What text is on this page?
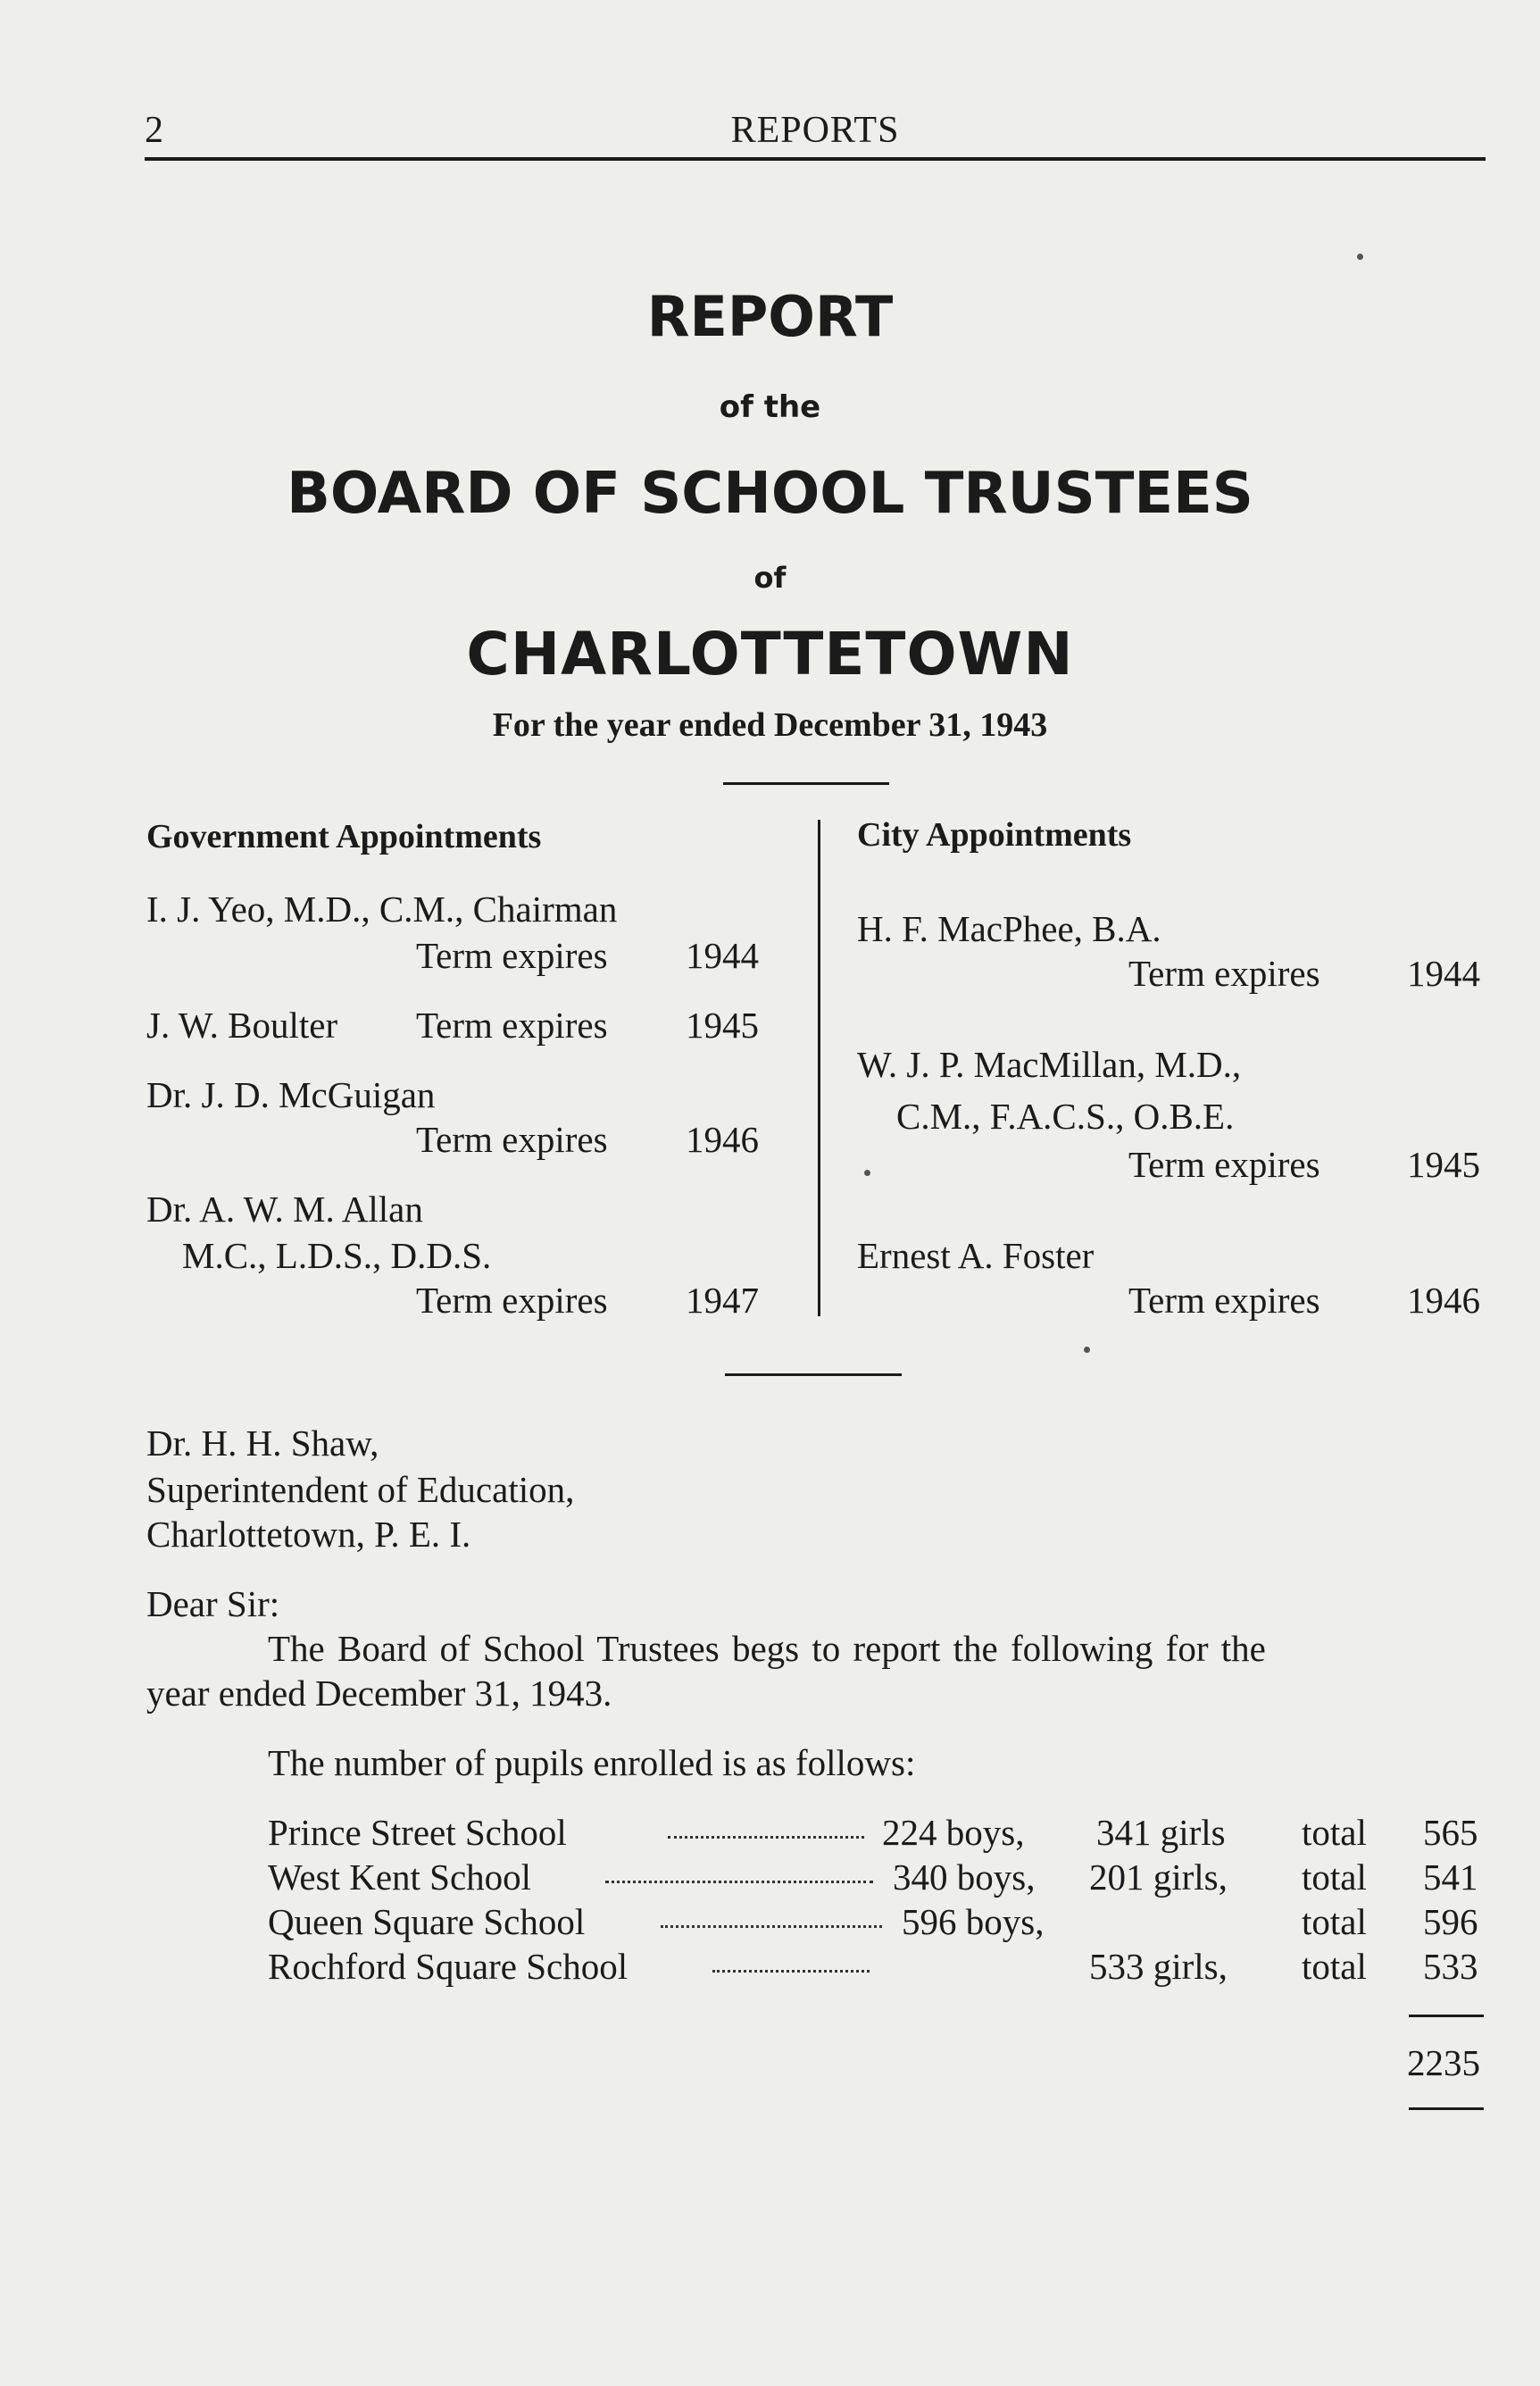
2	REPORTS
REPORT
of the
BOARD OF SCHOOL TRUSTEES
of
CHARLOTTETOWN
For the year ended December 31, 1943
Government Appointments
I. J. Yeo, M.D., C.M., Chairman
Term expires 1944
J. W. Boulter Term expires 1945
Dr. J. D. McGuigan
Term expires 1946
Dr. A. W. M. Allan
M.C., L.D.S., D.D.S.
Term expires 1947
City Appointments
H. F. MacPhee, B.A.
Term expires 1944
W. J. P. MacMillan, M.D.,
C.M., F.A.C.S., O.B.E.
Term expires 1945
Ernest A. Foster
Term expires 1946
Dr. H. H. Shaw,
Superintendent of Education,
Charlottetown, P. E. I.
Dear Sir:
The Board of School Trustees begs to report the following for the
year ended December 31, 1943.
The number of pupils enrolled is as follows:
Prince Street School	224 boys, 341 girls total 565
West Kent School	340 boys, 201 girls, total 541
Queen Square School	596 boys,	total 596
Rochford Square School	533 girls, total 533
2235
